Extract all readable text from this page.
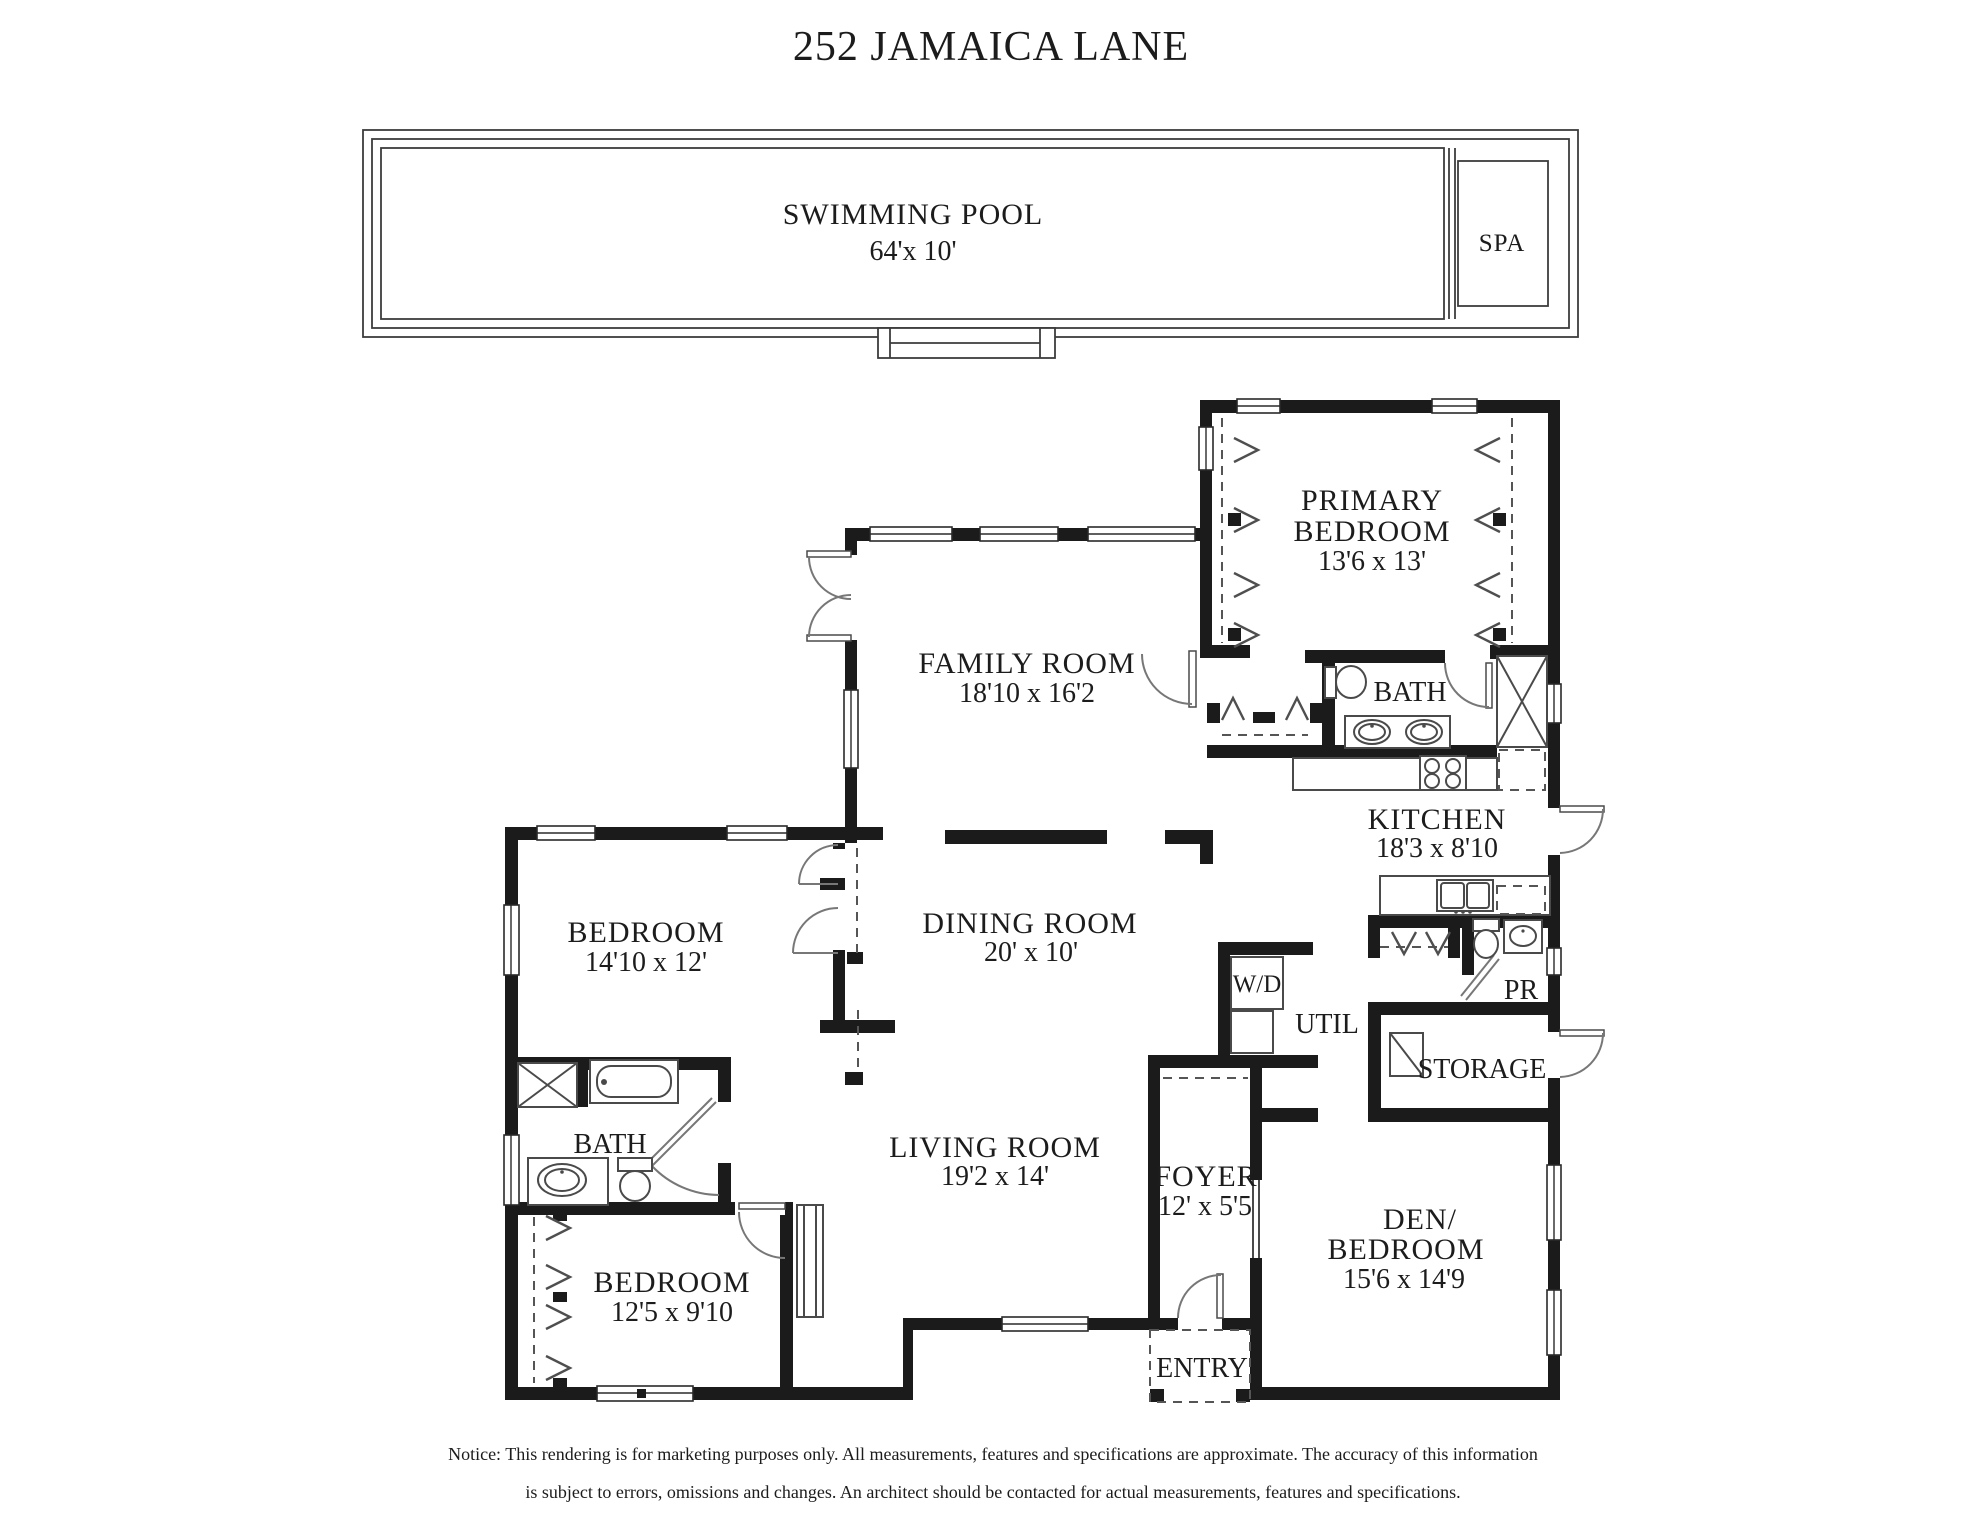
252 JAMAICA LANE
SWIMMING POOL
64'x 10'	SPA
PRIMARY
BEDROOM
13'6 x 13'
FAMILY ROOM
18'10 x 16'2	BATH
KITCHEN
18'3 x 8'10
BEDROOM
14'10 x 12'
DINING ROOM
20' x 10'
W/D
UTIL
PR
STORAGE
BATH	LIVING ROOM
19'2 x 14'	FOYER
12' x 5'5
BEDROOM
12'5 x 9'10
DEN/
BEDROOM
15'6 x 14'9
ENTRY
Notice: This rendering is for marketing purposes only. All measurements, features and specifications are approximate. The accuracy of this information
is subject to errors, omissions and changes. An architect should be contacted for actual measurements, features and specifications.
